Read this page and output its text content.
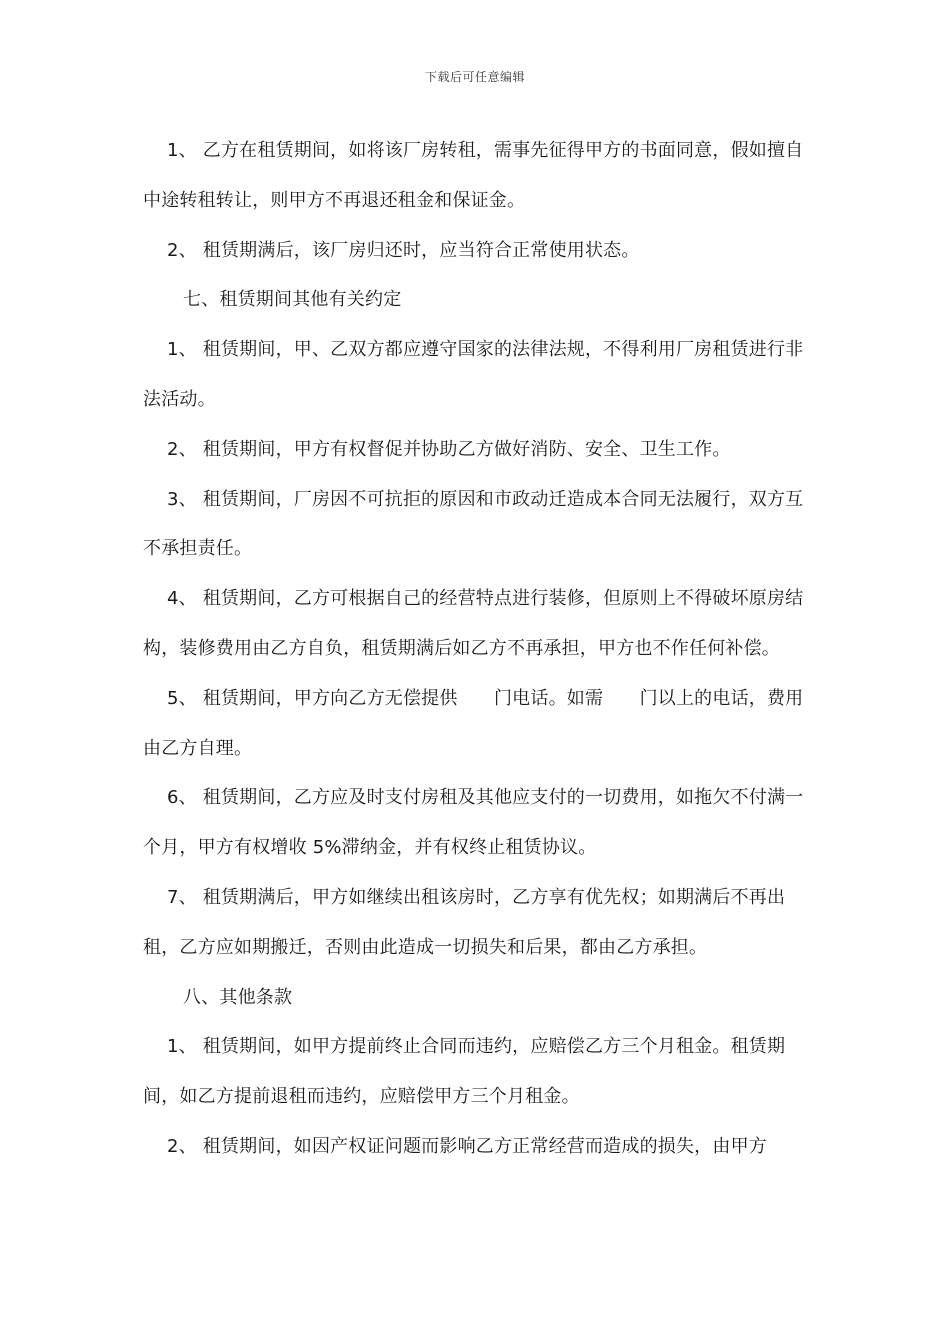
下载后可任意编辑

1、 乙方在租赁期间，如将该厂房转租，需事先征得甲方的书面同意，假如擅自中途转租转让，则甲方不再退还租金和保证金。

2、 租赁期满后，该厂房归还时，应当符合正常使用状态。

七、租赁期间其他有关约定

1、 租赁期间，甲、乙双方都应遵守国家的法律法规，不得利用厂房租赁进行非法活动。

2、 租赁期间，甲方有权督促并协助乙方做好消防、安全、卫生工作。

3、 租赁期间，厂房因不可抗拒的原因和市政动迁造成本合同无法履行，双方互不承担责任。

4、 租赁期间，乙方可根据自己的经营特点进行装修，但原则上不得破坏原房结构，装修费用由乙方自负，租赁期满后如乙方不再承担，甲方也不作任何补偿。

5、 租赁期间，甲方向乙方无偿提供　　门电话。如需　　门以上的电话，费用由乙方自理。

6、 租赁期间，乙方应及时支付房租及其他应支付的一切费用，如拖欠不付满一个月，甲方有权增收 5%滞纳金，并有权终止租赁协议。

7、 租赁期满后，甲方如继续出租该房时，乙方享有优先权；如期满后不再出租，乙方应如期搬迁，否则由此造成一切损失和后果，都由乙方承担。

八、其他条款

1、 租赁期间，如甲方提前终止合同而违约，应赔偿乙方三个月租金。租赁期间，如乙方提前退租而违约，应赔偿甲方三个月租金。

2、 租赁期间，如因产权证问题而影响乙方正常经营而造成的损失，由甲方
